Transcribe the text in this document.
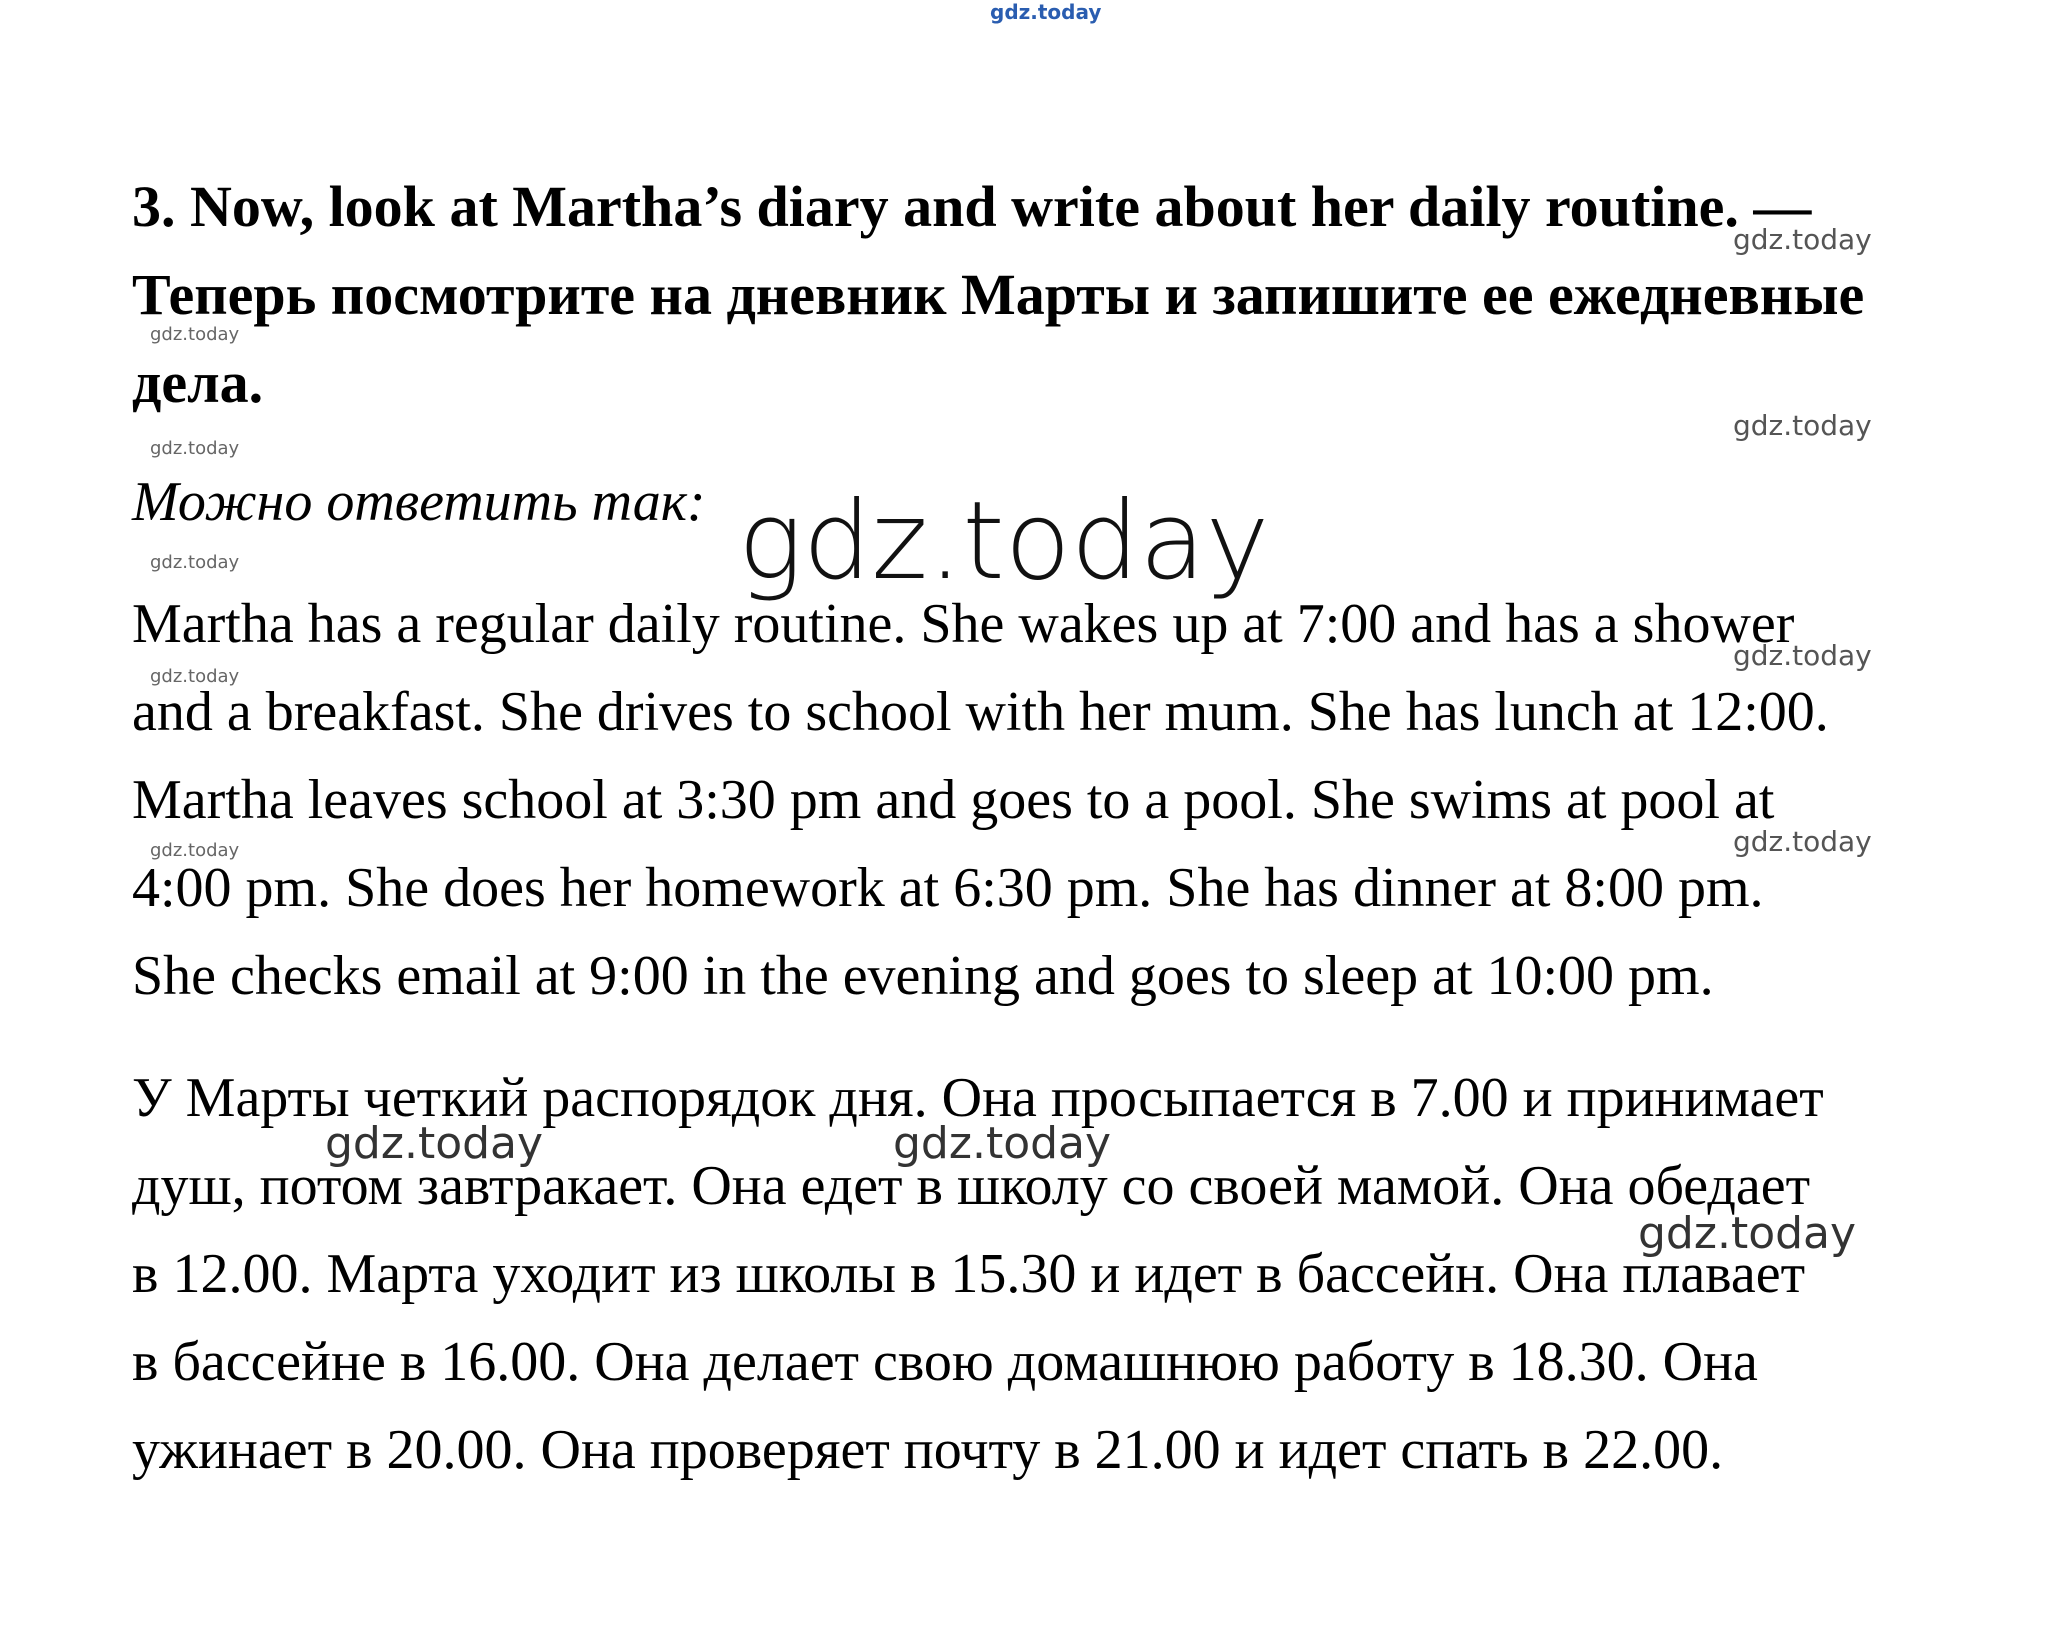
gdz.today
3. Now, look at Martha’s diary and write about her daily routine. —
Теперь посмотрите на дневник Марты и запишите ее ежедневные
дела.
Можно ответить так:
Martha has a regular daily routine. She wakes up at 7:00 and has a shower
and a breakfast. She drives to school with her mum. She has lunch at 12:00.
Martha leaves school at 3:30 pm and goes to a pool. She swims at pool at
4:00 pm. She does her homework at 6:30 pm. She has dinner at 8:00 pm.
She checks email at 9:00 in the evening and goes to sleep at 10:00 pm.
У Марты четкий распорядок дня. Она просыпается в 7.00 и принимает
душ, потом завтракает. Она едет в школу со своей мамой. Она обедает
в 12.00. Марта уходит из школы в 15.30 и идет в бассейн. Она плавает
в бассейне в 16.00. Она делает свою домашнюю работу в 18.30. Она
ужинает в 20.00. Она проверяет почту в 21.00 и идет спать в 22.00.
gdz.today
gdz.today
gdz.today
gdz.today
gdz.today	gdz.today
gdz.today
gdz.today
gdz.today	gdz.today
gdz.today	gdz.today
gdz.today
